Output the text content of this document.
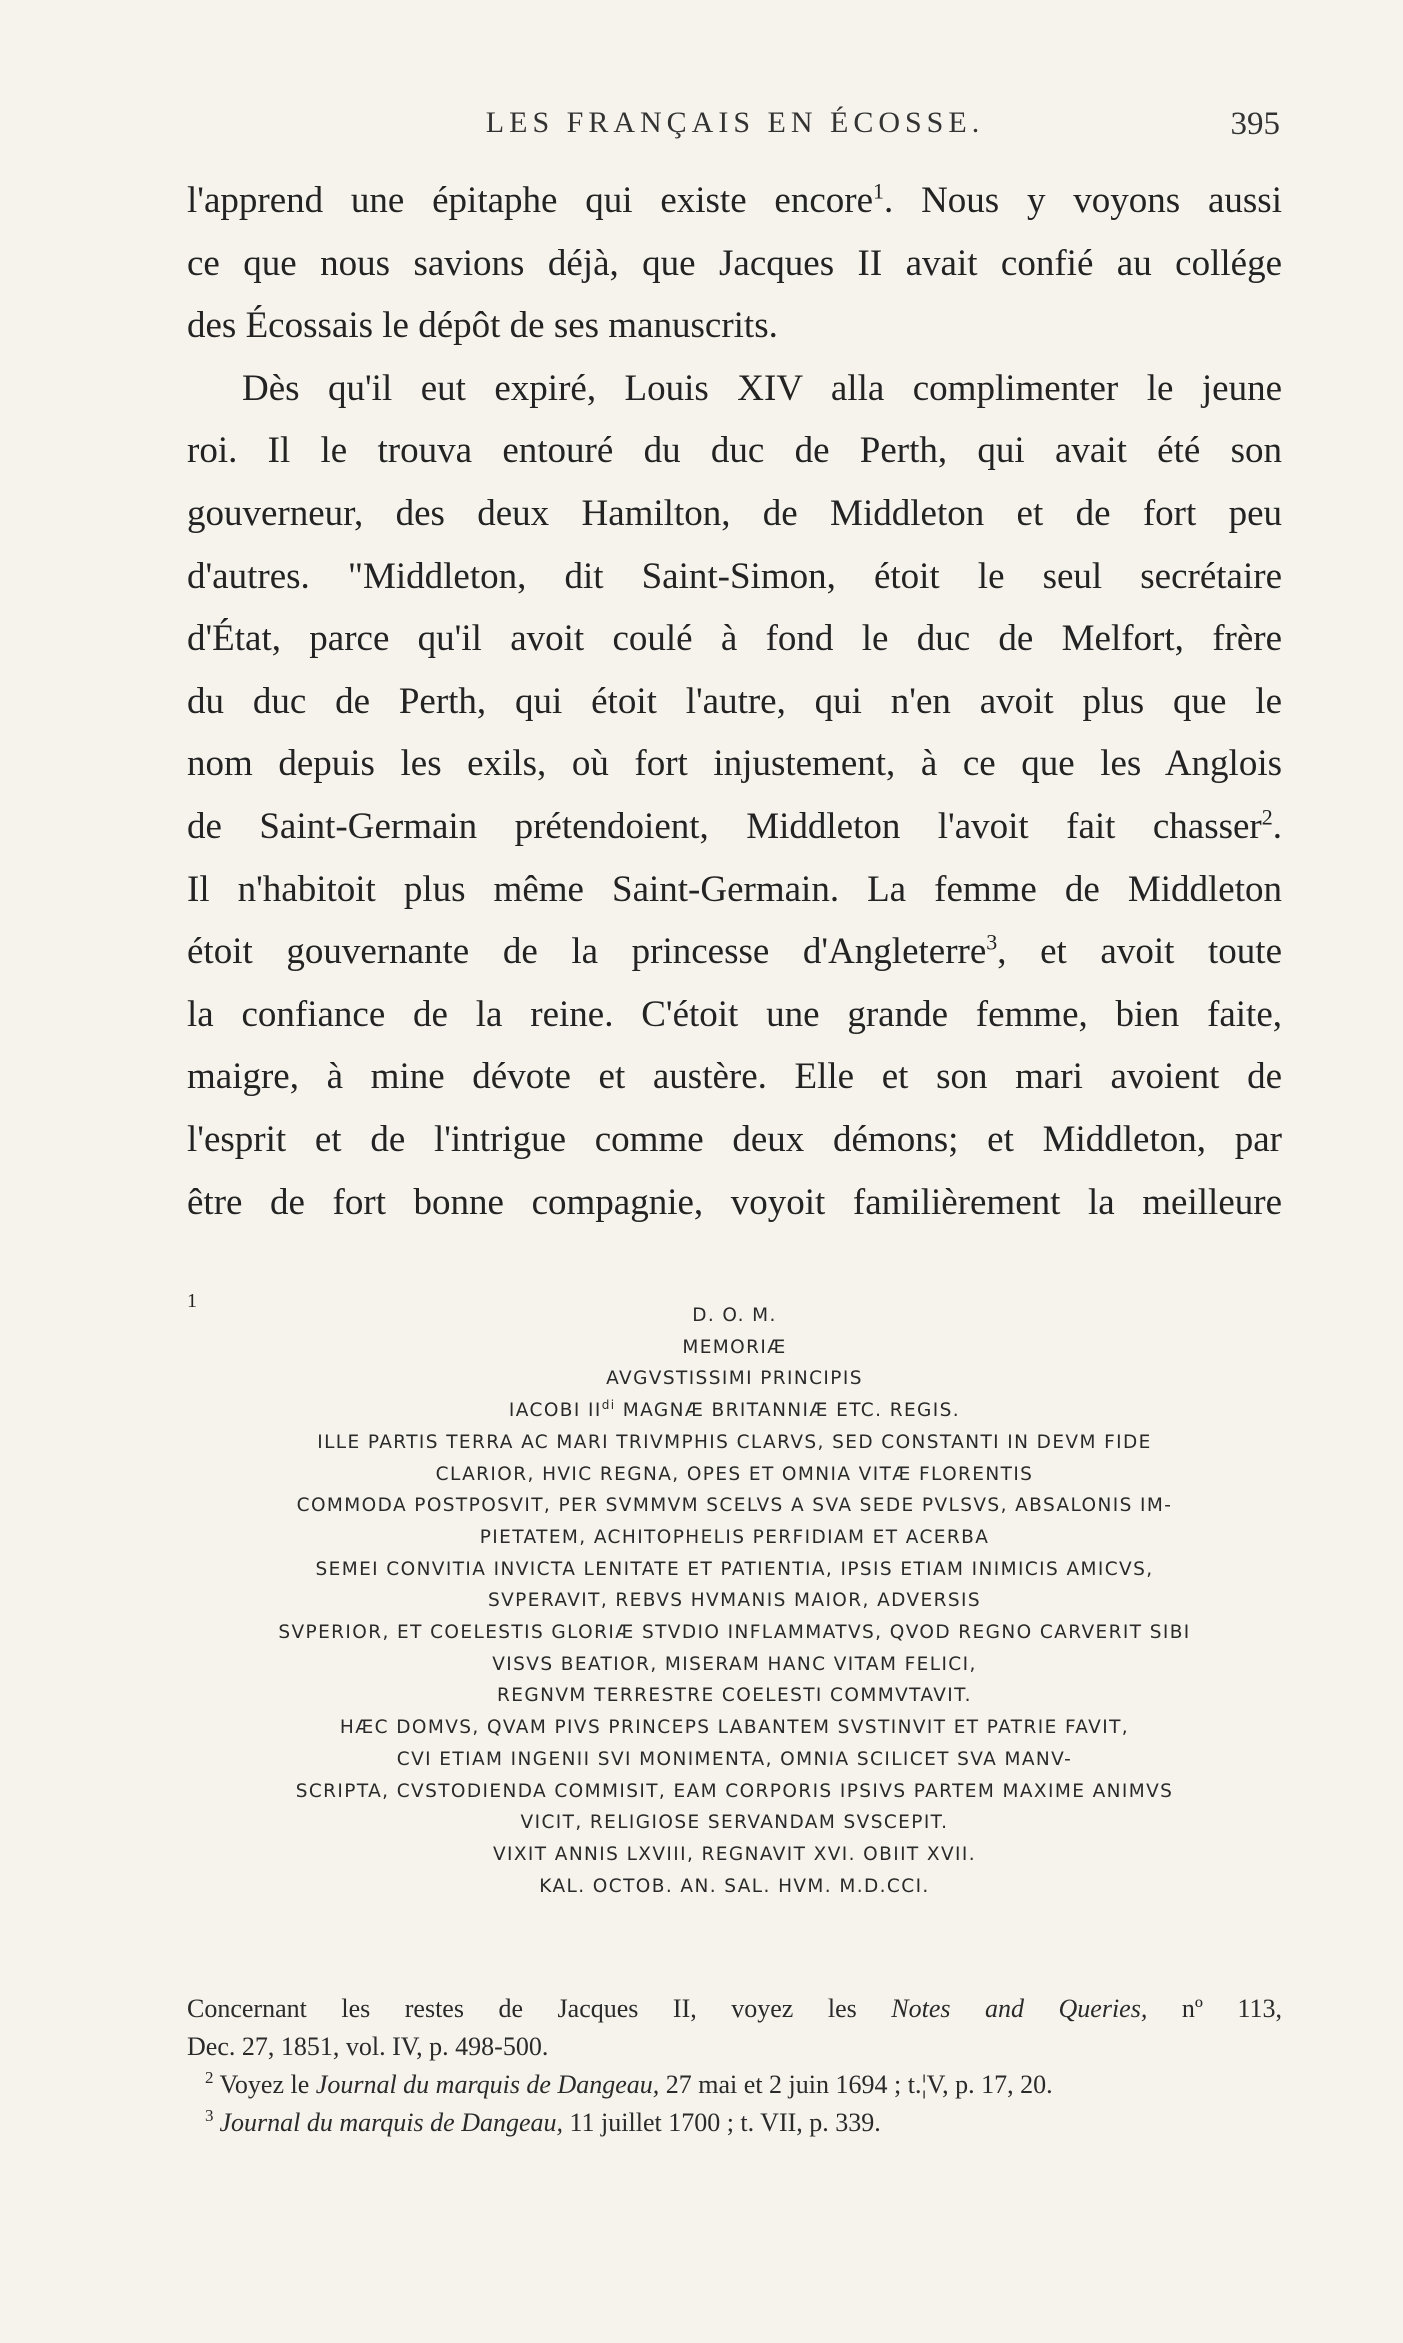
LES FRANÇAIS EN ÉCOSSE.	395
l'apprend une épitaphe qui existe encore$^1$. Nous y voyons aussi
ce que nous savions déjà, que Jacques II avait confié au collége
des Écossais le dépôt de ses manuscrits.
Dès qu'il eut expiré, Louis XIV alla complimenter le jeune
roi. Il le trouva entouré du duc de Perth, qui avait été son
gouverneur, des deux Hamilton, de Middleton et de fort peu
d'autres. "Middleton, dit Saint-Simon, étoit le seul secrétaire
d'État, parce qu'il avoit coulé à fond le duc de Melfort, frère
du duc de Perth, qui étoit l'autre, qui n'en avoit plus que le
nom depuis les exils, où fort injustement, à ce que les Anglois
de Saint-Germain prétendoient, Middleton l'avoit fait chasser$^2$.
Il n'habitoit plus même Saint-Germain. La femme de Middleton
étoit gouvernante de la princesse d'Angleterre$^3$, et avoit toute
la confiance de la reine. C'étoit une grande femme, bien faite,
maigre, à mine dévote et austère. Elle et son mari avoient de
l'esprit et de l'intrigue comme deux démons; et Middleton, par
être de fort bonne compagnie, voyoit familièrement la meilleure
1
D. O. M.
MEMORIÆ
AVGVSTISSIMI PRINCIPIS
IACOBI $II^{di}$ MAGNÆ BRITANNIÆ ETC. REGIS.
ILLE PARTIS TERRA AC MARI TRIVMPHIS CLARVS, SED CONSTANTI IN DEVM FIDE
CLARIOR, HVIC REGNA, OPES ET OMNIA VITÆ FLORENTIS
COMMODA POSTPOSVIT, PER SVMMVM SCELVS A SVA SEDE PVLSVS, ABSALONIS IM-
PIETATEM, ACHITOPHELIS PERFIDIAM ET ACERBA
SEMEI CONVITIA INVICTA LENITATE ET PATIENTIA, IPSIS ETIAM INIMICIS AMICVS,
SVPERAVIT, REBVS HVMANIS MAIOR, ADVERSIS
SVPERIOR, ET COELESTIS GLORIÆ STVDIO INFLAMMATVS, QVOD REGNO CARVERIT SIBI
VISVS BEATIOR, MISERAM HANC VITAM FELICI,
REGNVM TERRESTRE COELESTI COMMVTAVIT.
HÆC DOMVS, QVAM PIVS PRINCEPS LABANTEM SVSTINVIT ET PATRIE FAVIT,
CVI ETIAM INGENII SVI MONIMENTA, OMNIA SCILICET SVA MANV-
SCRIPTA, CVSTODIENDA COMMISIT, EAM CORPORIS IPSIVS PARTEM MAXIME ANIMVS
VICIT, RELIGIOSE SERVANDAM SVSCEPIT.
VIXIT ANNIS LXVIII, REGNAVIT XVI. OBIIT XVII.
KAL. OCTOB. AN. SAL. HVM. M.D.CCI.
Concernant les restes de Jacques II, voyez les Notes and Queries, nº 113,
Dec. 27, 1851, vol. IV, p. 498-500.
$^2$ Voyez le Journal du marquis de Dangeau, 27 mai et 2 juin 1694 ; t.¦V, p. 17, 20.
$^3$ Journal du marquis de Dangeau, 11 juillet 1700 ; t. VII, p. 339.
